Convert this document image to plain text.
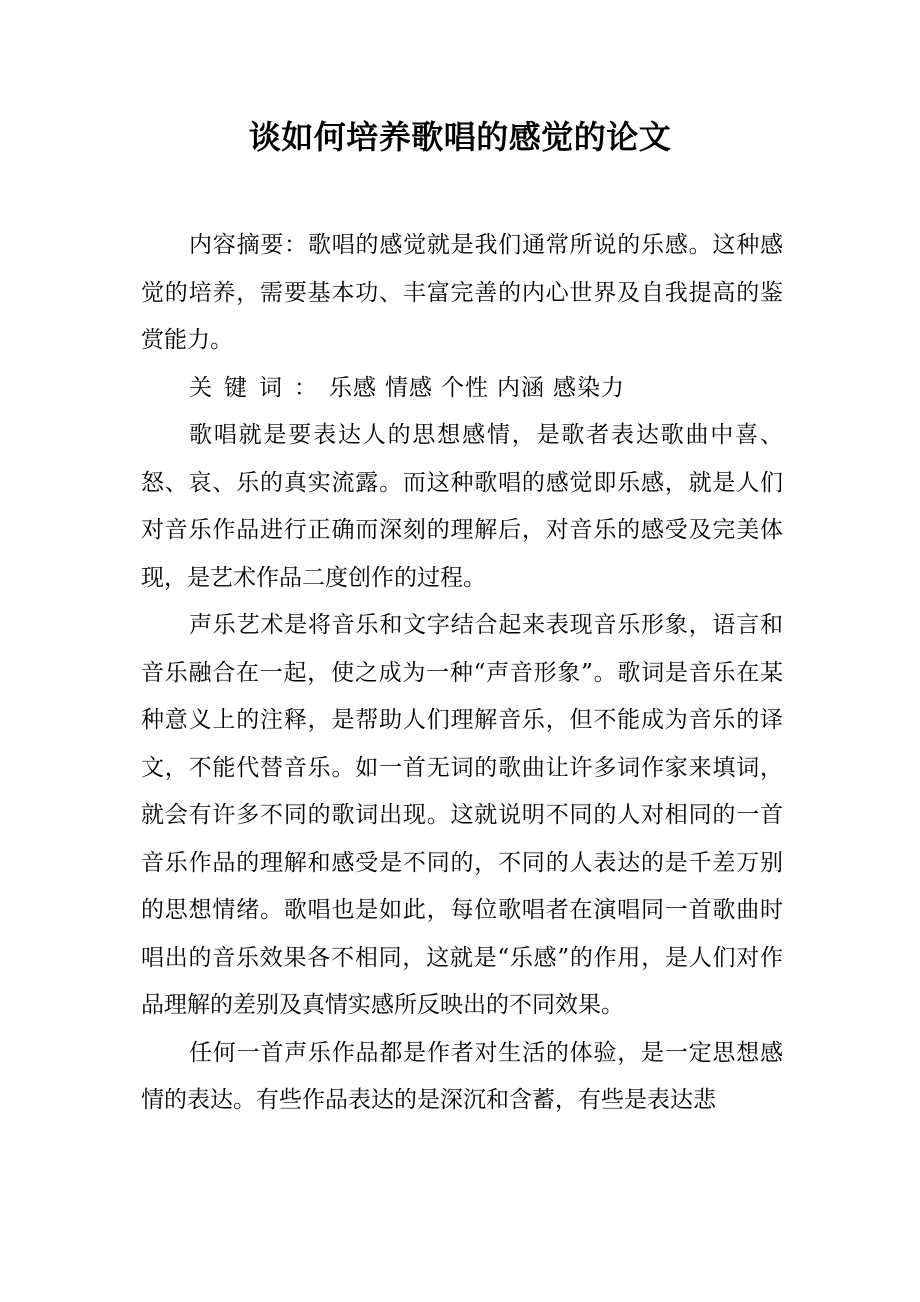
谈如何培养歌唱的感觉的论文

内容摘要：歌唱的感觉就是我们通常所说的乐感。这种感觉的培养，需要基本功、丰富完善的内心世界及自我提高的鉴赏能力。

关键词：乐感 情感 个性 内涵 感染力

歌唱就是要表达人的思想感情，是歌者表达歌曲中喜、怒、哀、乐的真实流露。而这种歌唱的感觉即乐感，就是人们对音乐作品进行正确而深刻的理解后，对音乐的感受及完美体现，是艺术作品二度创作的过程。

声乐艺术是将音乐和文字结合起来表现音乐形象，语言和音乐融合在一起，使之成为一种“声音形象”。歌词是音乐在某种意义上的注释，是帮助人们理解音乐，但不能成为音乐的译文，不能代替音乐。如一首无词的歌曲让许多词作家来填词，就会有许多不同的歌词出现。这就说明不同的人对相同的一首音乐作品的理解和感受是不同的，不同的人表达的是千差万别的思想情绪。歌唱也是如此，每位歌唱者在演唱同一首歌曲时唱出的音乐效果各不相同，这就是“乐感”的作用，是人们对作品理解的差别及真情实感所反映出的不同效果。

任何一首声乐作品都是作者对生活的体验，是一定思想感情的表达。有些作品表达的是深沉和含蓄，有些是表达悲
